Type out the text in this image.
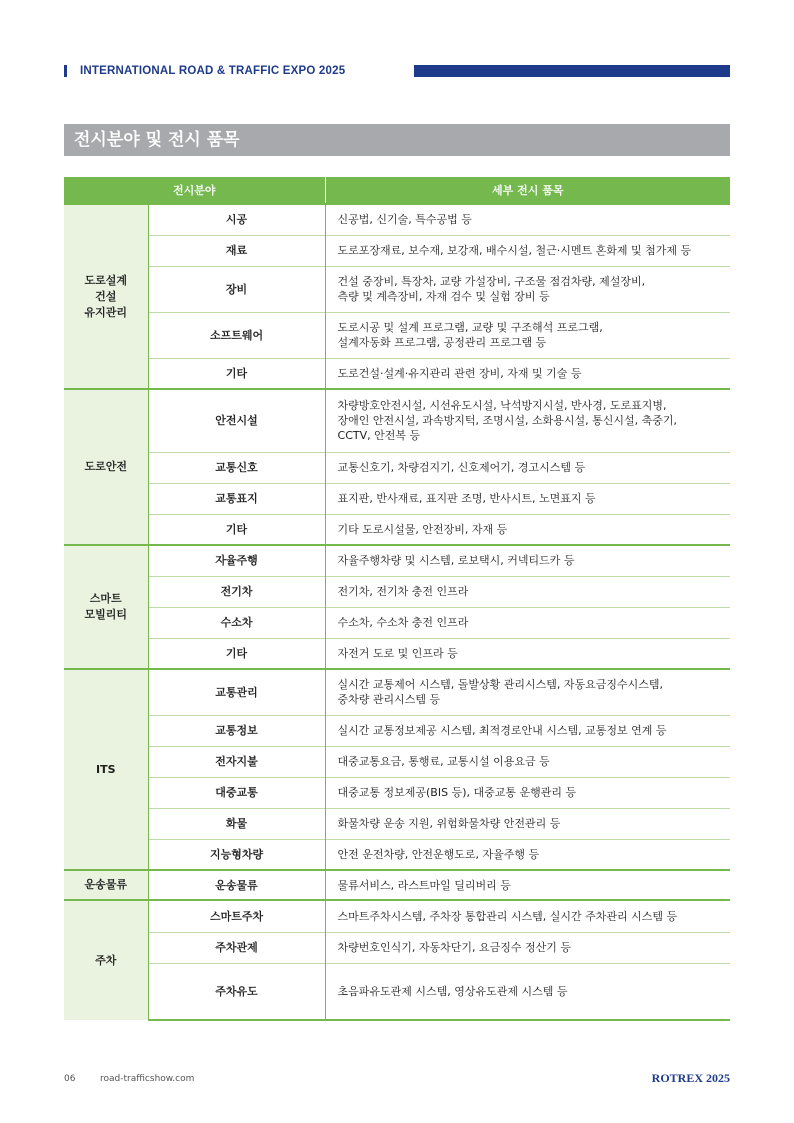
INTERNATIONAL ROAD & TRAFFIC EXPO 2025
전시분야 및 전시 품목
전시분야		세부 전시 품목
도로설계
건설
유지관리	시공	신공법, 신기술, 특수공법 등
	재료	도로포장재료, 보수재, 보강재, 배수시설, 철근·시멘트 혼화제 및 첨가제 등
	장비	건설 중장비, 특장차, 교량 가설장비, 구조물 점검차량, 제설장비,
측량 및 계측장비, 자재 검수 및 실험 장비 등
	소프트웨어	도로시공 및 설계 프로그램, 교량 및 구조해석 프로그램,
설계자동화 프로그램, 공정관리 프로그램 등
	기타	도로건설·설계·유지관리 관련 장비, 자재 및 기술 등
도로안전	안전시설	차량방호안전시설, 시선유도시설, 낙석방지시설, 반사경, 도로표지병,
장애인 안전시설, 과속방지턱, 조명시설, 소화용시설, 통신시설, 축중기,
CCTV, 안전복 등
	교통신호	교통신호기, 차량검지기, 신호제어기, 경고시스템 등
	교통표지	표지판, 반사재료, 표지판 조명, 반사시트, 노면표지 등
	기타	기타 도로시설물, 안전장비, 자재 등
스마트
모빌리티	자율주행	자율주행차량 및 시스템, 로보택시, 커넥티드카 등
	전기차	전기차, 전기차 충전 인프라
	수소차	수소차, 수소차 충전 인프라
	기타	자전거 도로 및 인프라 등
ITS	교통관리	실시간 교통제어 시스템, 돌발상황 관리시스템, 자동요금징수시스템,
중차량 관리시스템 등
	교통정보	실시간 교통정보제공 시스템, 최적경로안내 시스템, 교통정보 연계 등
	전자지불	대중교통요금, 통행료, 교통시설 이용요금 등
	대중교통	대중교통 정보제공(BIS 등), 대중교통 운행관리 등
	화물	화물차량 운송 지원, 위험화물차량 안전관리 등
	지능형차량	안전 운전차량, 안전운행도로, 자율주행 등
운송물류	운송물류	물류서비스, 라스트마일 딜리버리 등
주차	스마트주차	스마트주차시스템, 주차장 통합관리 시스템, 실시간 주차관리 시스템 등
	주차관제	차량번호인식기, 자동차단기, 요금징수 정산기 등
	주차유도	초음파유도관제 시스템, 영상유도관제 시스템 등
06	road-trafficshow.com	ROTREX 2025
